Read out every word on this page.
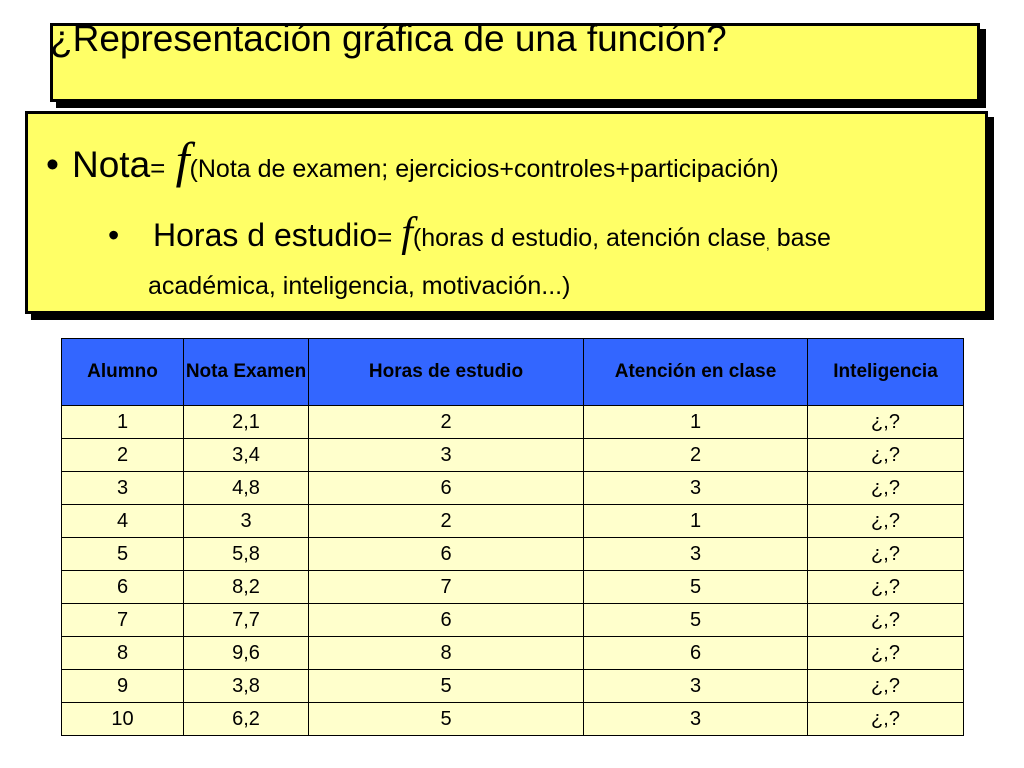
¿Representación gráfica de una función?
• Nota= f(Nota de examen; ejercicios+controles+participación)
• Horas d estudio= f(horas d estudio, atención clase, base
académica, inteligencia, motivación...)
Alumno	Nota Examen	Horas de estudio	Atención en clase	Inteligencia
1	2,1	2	1	¿,?
2	3,4	3	2	¿,?
3	4,8	6	3	¿,?
4	3	2	1	¿,?
5	5,8	6	3	¿,?
6	8,2	7	5	¿,?
7	7,7	6	5	¿,?
8	9,6	8	6	¿,?
9	3,8	5	3	¿,?
10	6,2	5	3	¿,?
